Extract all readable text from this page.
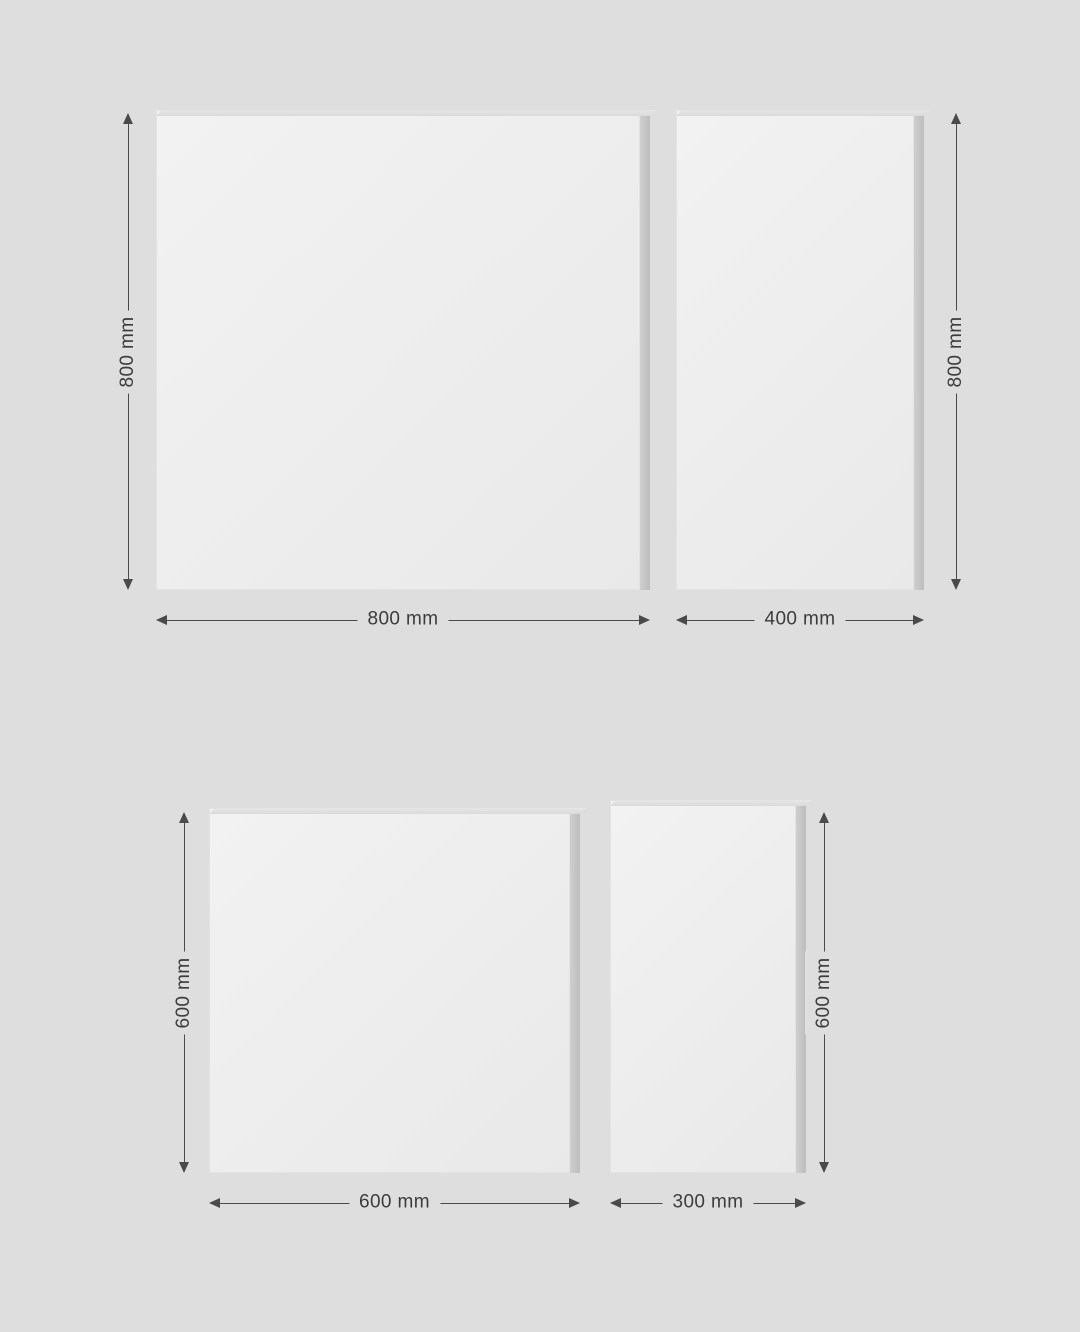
800 mm
800 mm
800 mm
400 mm
600 mm
600 mm
600 mm
300 mm
